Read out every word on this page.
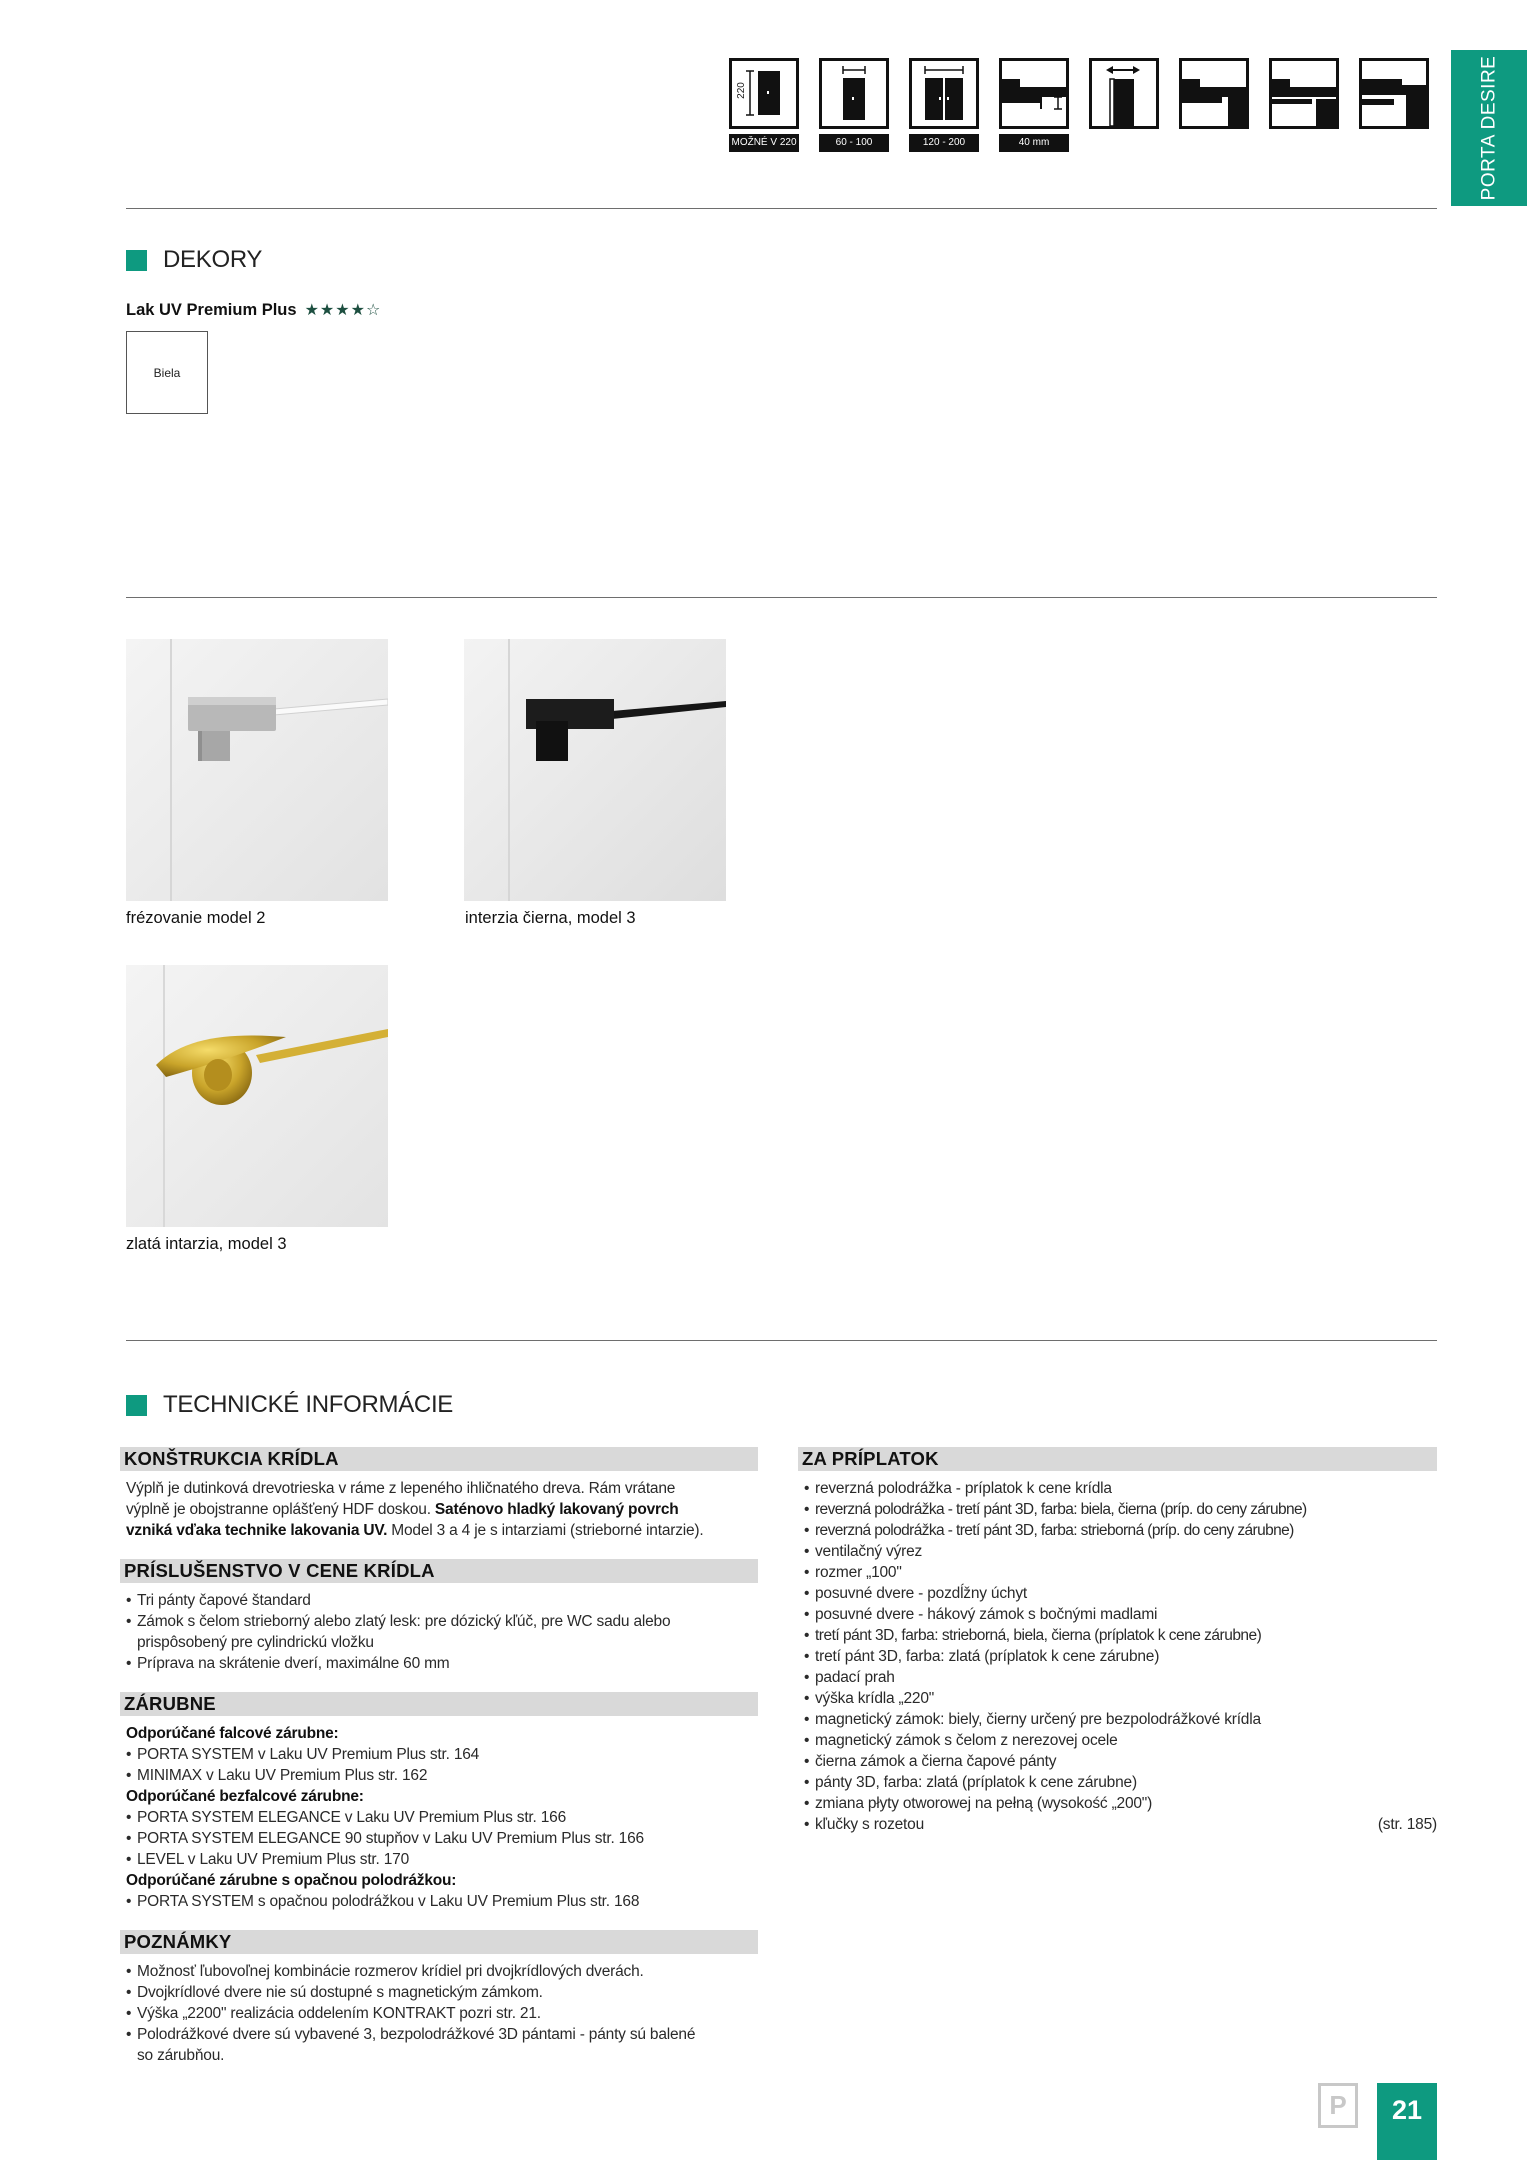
220
MOŽNÉ V 220	60 - 100	120 - 200	40 mm	PORTA DESIRE
DEKORY
Lak UV Premium Plus ★ ★ ★ ★ ☆
Biela
frézovanie model 2	interzia čierna, model 3
zlatá intarzia, model 3
TECHNICKÉ INFORMÁCIE
KONŠTRUKCIA KRÍDLA
Výplň je dutinková drevotrieska v ráme z lepeného ihličnatého dreva. Rám vrátane
výplně je obojstranne oplášťený HDF doskou. Saténovo hladký lakovaný povrch
vzniká vďaka technike lakovania UV. Model 3 a 4 je s intarziami (strieborné intarzie).
PRÍSLUŠENSTVO V CENE KRÍDLA
• Tri pánty čapové štandard
• Zámok s čelom strieborný alebo zlatý lesk: pre dózický kľúč, pre WC sadu alebo
prispôsobený pre cylindrickú vložku
• Príprava na skrátenie dverí, maximálne 60 mm
ZÁRUBNE
Odporúčané falcové zárubne:
• PORTA SYSTEM v Laku UV Premium Plus str. 164
• MINIMAX v Laku UV Premium Plus str. 162
Odporúčané bezfalcové zárubne:
• PORTA SYSTEM ELEGANCE v Laku UV Premium Plus str. 166
• PORTA SYSTEM ELEGANCE 90 stupňov v Laku UV Premium Plus str. 166
• LEVEL v Laku UV Premium Plus str. 170
Odporúčané zárubne s opačnou polodrážkou:
• PORTA SYSTEM s opačnou polodrážkou v Laku UV Premium Plus str. 168
POZNÁMKY
• Možnosť ľubovoľnej kombinácie rozmerov krídiel pri dvojkrídlových dverách.
• Dvojkrídlové dvere nie sú dostupné s magnetickým zámkom.
• Výška „2200" realizácia oddelením KONTRAKT pozri str. 21.
• Polodrážkové dvere sú vybavené 3, bezpolodrážkové 3D pántami - pánty sú balené
so zárubňou.
ZA PRÍPLATOK
• reverzná polodrážka - príplatok k cene krídla
• reverzná polodrážka - tretí pánt 3D, farba: biela, čierna (príp. do ceny zárubne)
• reverzná polodrážka - tretí pánt 3D, farba: strieborná (príp. do ceny zárubne)
• ventilačný výrez
• rozmer „100"
• posuvné dvere - pozdĺžny úchyt
• posuvné dvere - hákový zámok s bočnými madlami
• tretí pánt 3D, farba: strieborná, biela, čierna (príplatok k cene zárubne)
• tretí pánt 3D, farba: zlatá (príplatok k cene zárubne)
• padací prah
• výška krídla „220"
• magnetický zámok: biely, čierny určený pre bezpolodrážkové krídla
• magnetický zámok s čelom z nerezovej ocele
• čierna zámok a čierna čapové pánty
• pánty 3D, farba: zlatá (príplatok k cene zárubne)
• zmiana płyty otworowej na pełną (wysokość „200")
• kľučky s rozetou	(str. 185)
P	21
